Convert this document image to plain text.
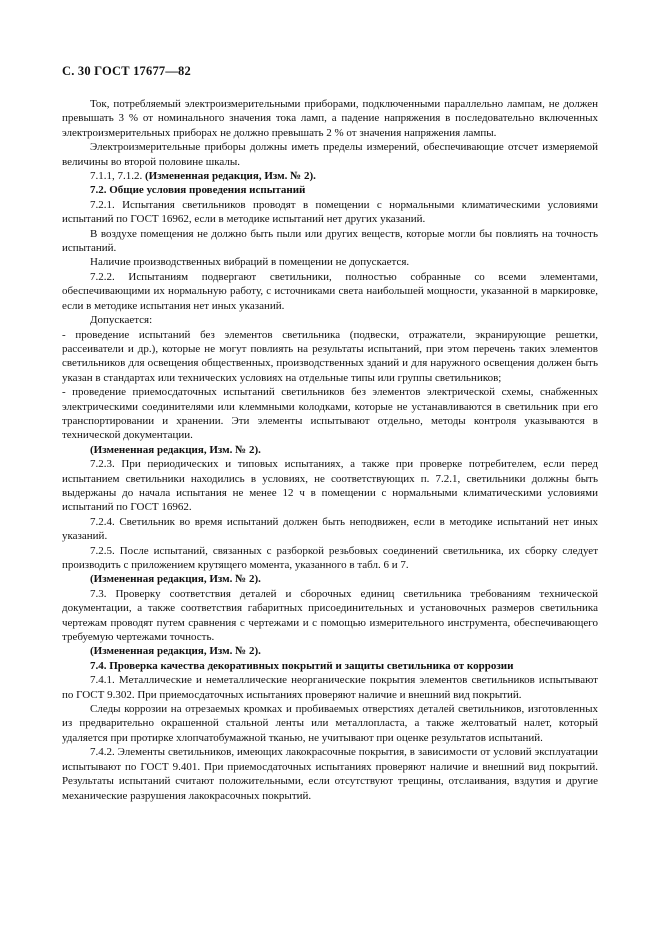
С. 30 ГОСТ 17677—82

Ток, потребляемый электроизмерительными приборами, подключенными параллельно лампам, не должен превышать 3 % от номинального значения тока ламп, а падение напряжения в последовательно включенных электроизмерительных приборах не должно превышать 2 % от значения напряжения лампы.

Электроизмерительные приборы должны иметь пределы измерений, обеспечивающие отсчет измеряемой величины во второй половине шкалы.

7.1.1, 7.1.2. (Измененная редакция, Изм. № 2).

7.2. Общие условия проведения испытаний

7.2.1. Испытания светильников проводят в помещении с нормальными климатическими условиями испытаний по ГОСТ 16962, если в методике испытаний нет других указаний.

В воздухе помещения не должно быть пыли или других веществ, которые могли бы повлиять на точность испытаний.

Наличие производственных вибраций в помещении не допускается.

7.2.2. Испытаниям подвергают светильники, полностью собранные со всеми элементами, обеспечивающими их нормальную работу, с источниками света наибольшей мощности, указанной в маркировке, если в методике испытания нет иных указаний.

Допускается:

- проведение испытаний без элементов светильника (подвески, отражатели, экранирующие решетки, рассеиватели и др.), которые не могут повлиять на результаты испытаний, при этом перечень таких элементов светильников для освещения общественных, производственных зданий и для наружного освещения должен быть указан в стандартах или технических условиях на отдельные типы или группы светильников;

- проведение приемосдаточных испытаний светильников без элементов электрической схемы, снабженных электрическими соединителями или клеммными колодками, которые не устанавливаются в светильник при его транспортировании и хранении. Эти элементы испытывают отдельно, методы контроля указываются в технической документации.

(Измененная редакция, Изм. № 2).

7.2.3. При периодических и типовых испытаниях, а также при проверке потребителем, если перед испытанием светильники находились в условиях, не соответствующих п. 7.2.1, светильники должны быть выдержаны до начала испытания не менее 12 ч в помещении с нормальными климатическими условиями испытаний по ГОСТ 16962.

7.2.4. Светильник во время испытаний должен быть неподвижен, если в методике испытаний нет иных указаний.

7.2.5. После испытаний, связанных с разборкой резьбовых соединений светильника, их сборку следует производить с приложением крутящего момента, указанного в табл. 6 и 7.

(Измененная редакция, Изм. № 2).

7.3. Проверку соответствия деталей и сборочных единиц светильника требованиям технической документации, а также соответствия габаритных присоединительных и установочных размеров светильника чертежам проводят путем сравнения с чертежами и с помощью измерительного инструмента, обеспечивающего требуемую чертежами точность.

(Измененная редакция, Изм. № 2).

7.4. Проверка качества декоративных покрытий и защиты светильника от коррозии

7.4.1. Металлические и неметаллические неорганические покрытия элементов светильников испытывают по ГОСТ 9.302. При приемосдаточных испытаниях проверяют наличие и внешний вид покрытий.

Следы коррозии на отрезаемых кромках и пробиваемых отверстиях деталей светильников, изготовленных из предварительно окрашенной стальной ленты или металлопласта, а также желтоватый налет, который удаляется при протирке хлопчатобумажной тканью, не учитывают при оценке результатов испытаний.

7.4.2. Элементы светильников, имеющих лакокрасочные покрытия, в зависимости от условий эксплуатации испытывают по ГОСТ 9.401. При приемосдаточных испытаниях проверяют наличие и внешний вид покрытий. Результаты испытаний считают положительными, если отсутствуют трещины, отслаивания, вздутия и другие механические разрушения лакокрасочных покрытий.
